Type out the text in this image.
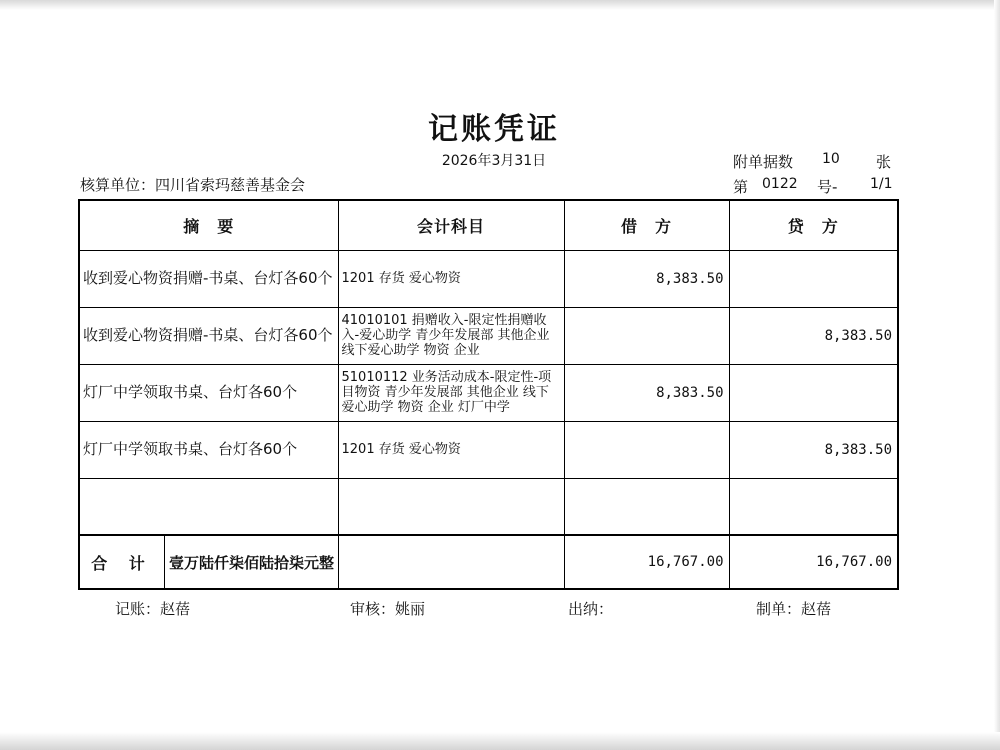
记账凭证
2026年3月31日
核算单位：四川省索玛慈善基金会
附单据数 10 张
第 0122 号- 1/1
摘　要	会计科目	借　方	贷　方
收到爱心物资捐赠-书桌、台灯各60个	1201 存货 爱心物资	8,383.50	
收到爱心物资捐赠-书桌、台灯各60个	41010101 捐赠收入-限定性捐赠收入-爱心助学 青少年发展部 其他企业 线下爱心助学 物资 企业		8,383.50
灯厂中学领取书桌、台灯各60个	51010112 业务活动成本-限定性-项目物资 青少年发展部 其他企业 线下爱心助学 物资 企业 灯厂中学	8,383.50	
灯厂中学领取书桌、台灯各60个	1201 存货 爱心物资		8,383.50

合 计 壹万陆仟柒佰陆拾柒元整		16,767.00	16,767.00
记账：赵蓓	审核：姚丽	出纳：	制单：赵蓓
